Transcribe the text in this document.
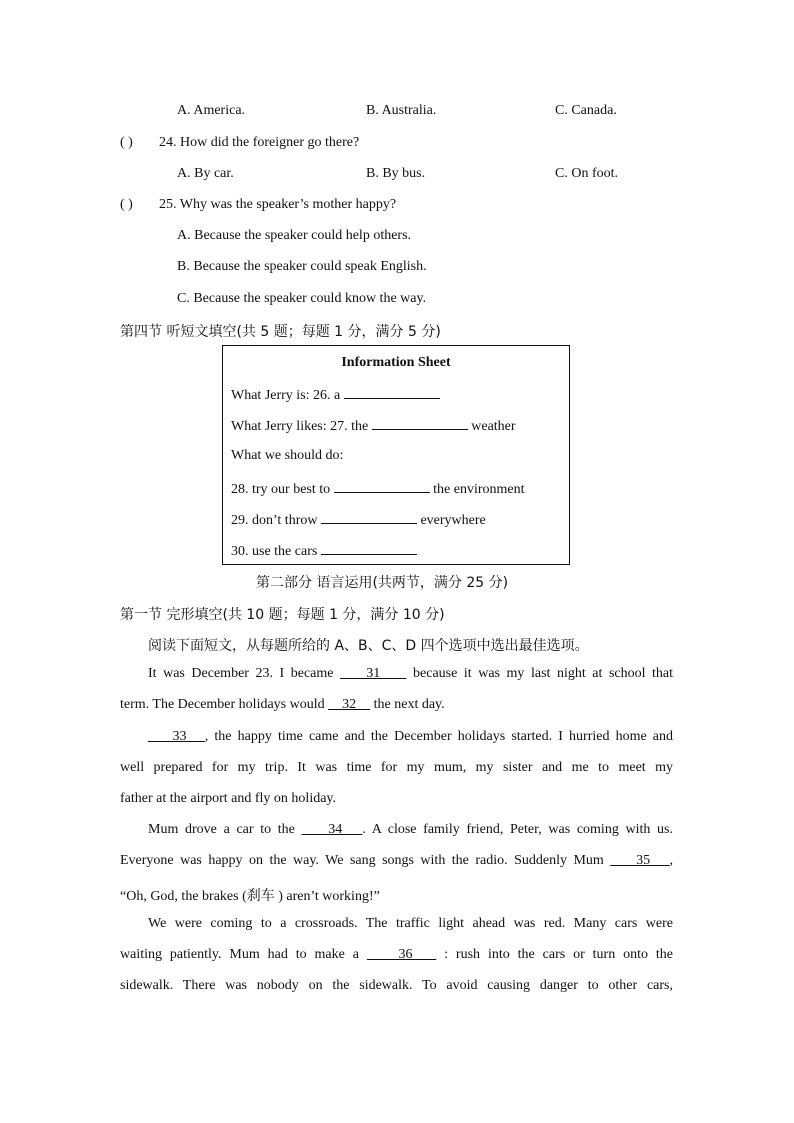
A. America.	B. Australia.	C. Canada.
( ) 24. How did the foreigner go there?
A. By car.	B. By bus.	C. On foot.
( ) 25. Why was the speaker’s mother happy?
A. Because the speaker could help others.
B. Because the speaker could speak English.
C. Because the speaker could know the way.
第四节 听短文填空(共 5 题；每题 1 分，满分 5 分)
Information Sheet
What Jerry is: 26. a
What Jerry likes: 27. the	weather
What we should do:
28. try our best to	the environment
29. don’t throw	everywhere
30. use the cars
第二部分 语言运用(共两节，满分 25 分)
第一节 完形填空(共 10 题；每题 1 分，满分 10 分)
阅读下面短文，从每题所给的 A、B、C、D 四个选项中选出最佳选项。
It was December 23. I became     31     because it was my last night at school that
term. The December holidays would     32     the next day.
33   , the happy time came and the December holidays started. I hurried home and
well prepared for my trip. It was time for my mum, my sister and me to meet my
father at the airport and fly on holiday.
Mum drove a car to the     34   . A close family friend, Peter, was coming with us.
Everyone was happy on the way. We sang songs with the radio. Suddenly Mum     35   ,
“Oh, God, the brakes (刹车 ) aren’t working!”
We were coming to a crossroads. The traffic light ahead was red. Many cars were
waiting patiently. Mum had to make a     36    : rush into the cars or turn onto the
sidewalk. There was nobody on the sidewalk. To avoid causing danger to other cars,
